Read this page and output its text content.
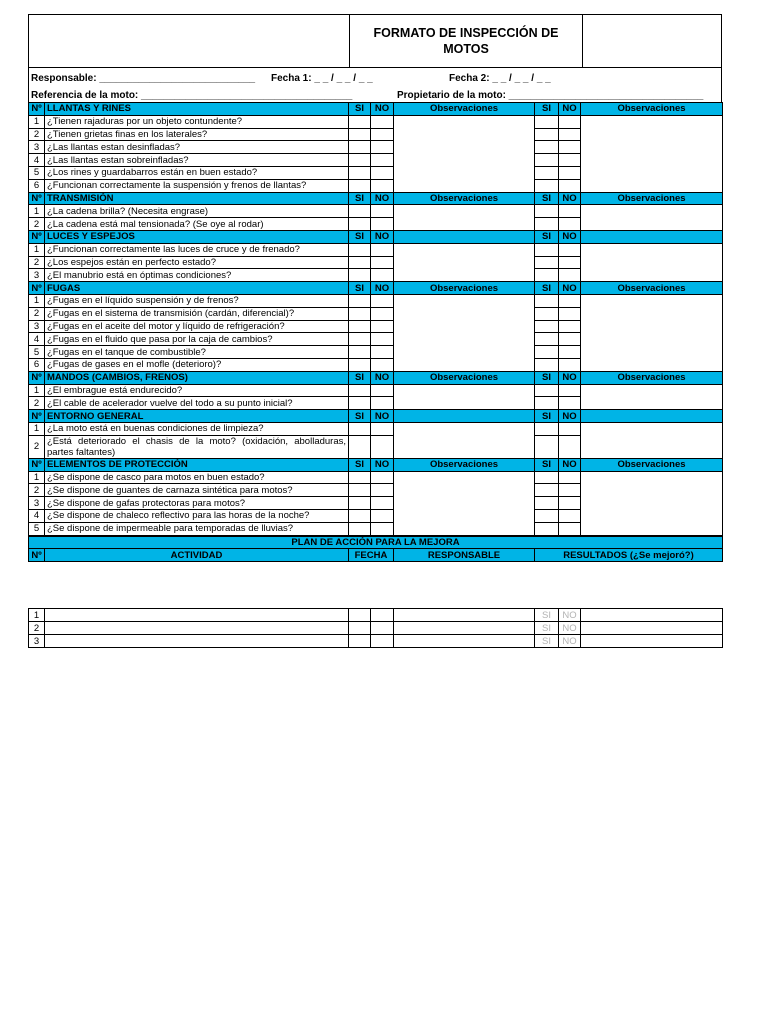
FORMATO DE INSPECCIÓN DE MOTOS
Responsable: ____________________________ Fecha 1: _ _ / _ _ / _ _	Fecha 2: _ _ / _ _ / _ _
Referencia de la moto: ______________________________________	Propietario de la moto: ___________________________________
Nº	LLANTAS Y RINES	SI	NO	Observaciones	SI	NO	Observaciones
1	¿Tienen rajaduras por un objeto contundente?						
2	¿Tienen grietas finas en los laterales?						
3	¿Las llantas estan desinfladas?						
4	¿Las llantas estan sobreinfladas?						
5	¿Los rines y guardabarros están en buen estado?						
6	¿Funcionan correctamente la suspensión y frenos de llantas?						
Nº	TRANSMISIÓN	SI	NO	Observaciones	SI	NO	Observaciones
1	¿La cadena brilla? (Necesita engrase)						
2	¿La cadena está mal tensionada? (Se oye al rodar)						
Nº	LUCES Y ESPEJOS	SI	NO		SI	NO	
1	¿Funcionan correctamente las luces de cruce y de frenado?						
2	¿Los espejos están en perfecto estado?						
3	¿El manubrio está en óptimas condiciones?						
Nº	FUGAS	SI	NO	Observaciones	SI	NO	Observaciones
1	¿Fugas en el líquido suspensión y de frenos?						
2	¿Fugas en el sistema de transmisión (cardán, diferencial)?						
3	¿Fugas en el aceite del motor y líquido de refrigeración?						
4	¿Fugas en el fluido que pasa por la caja de cambios?						
5	¿Fugas en el tanque de combustible?						
6	¿Fugas de gases en el mofle (deterioro)?						
Nº	MANDOS (CAMBIOS, FRENOS)	SI	NO	Observaciones	SI	NO	Observaciones
1	¿El embrague está endurecido?						
2	¿El cable de acelerador vuelve del todo a su punto inicial?						
Nº	ENTORNO GENERAL	SI	NO		SI	NO	
1	¿La moto está en buenas condiciones de limpieza?						
2	¿Está deteriorado el chasis de la moto? (oxidación, abolladuras, partes faltantes)						
Nº	ELEMENTOS DE PROTECCIÓN	SI	NO	Observaciones	SI	NO	Observaciones
1	¿Se dispone de casco para motos en buen estado?						
2	¿Se dispone de guantes de carnaza sintética para motos?						
3	¿Se dispone de gafas protectoras para motos?						
4	¿Se dispone de chaleco reflectivo para las horas de la noche?						
5	¿Se dispone de impermeable para temporadas de lluvias?						
PLAN DE ACCIÓN PARA LA MEJORA
Nº	ACTIVIDAD	FECHA	RESPONSABLE	RESULTADOS (¿Se mejoró?)
1					SI	NO	
2					SI	NO	
3					SI	NO	
